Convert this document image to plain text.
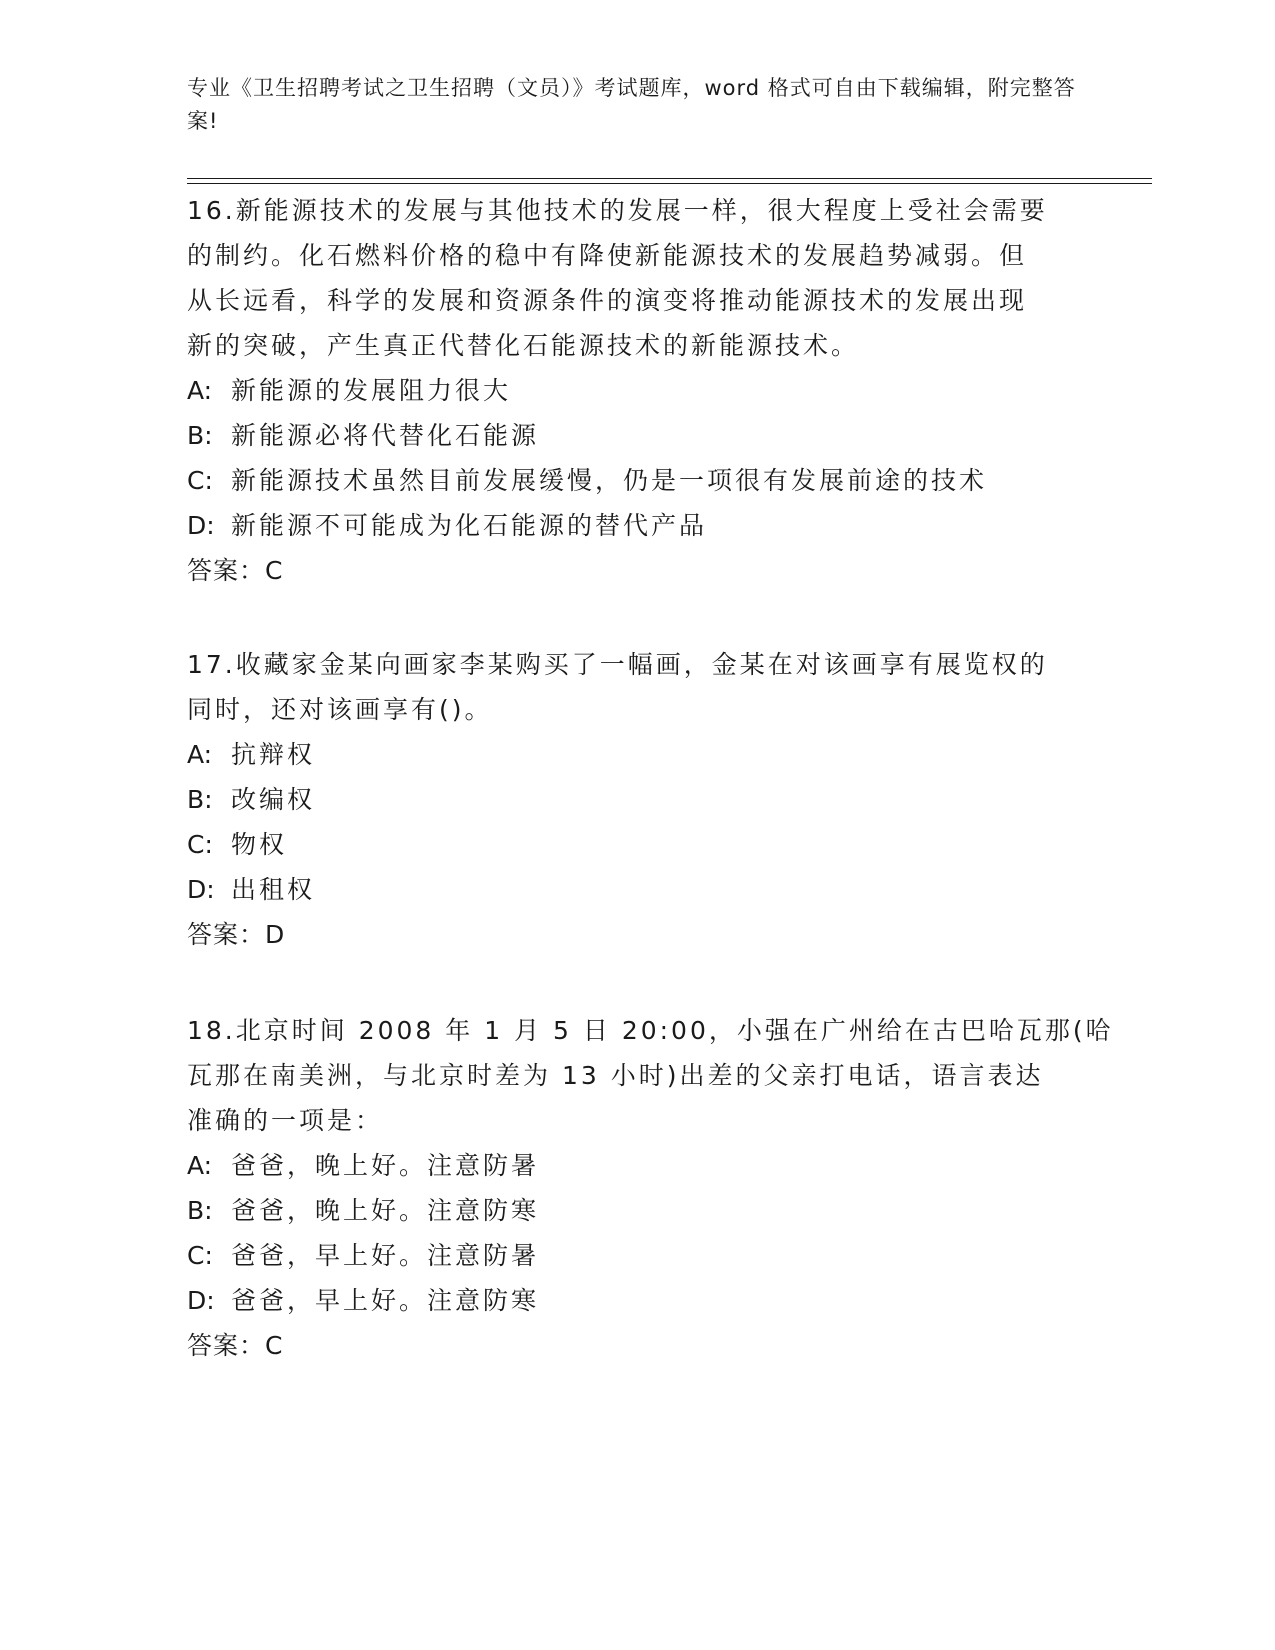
专业《卫生招聘考试之卫生招聘（文员）》考试题库，word 格式可自由下载编辑，附完整答案!
16.新能源技术的发展与其他技术的发展一样，很大程度上受社会需要
的制约。化石燃料价格的稳中有降使新能源技术的发展趋势减弱。但
从长远看，科学的发展和资源条件的演变将推动能源技术的发展出现
新的突破，产生真正代替化石能源技术的新能源技术。
A: 新能源的发展阻力很大
B: 新能源必将代替化石能源
C: 新能源技术虽然目前发展缓慢，仍是一项很有发展前途的技术
D: 新能源不可能成为化石能源的替代产品
答案：C
17.收藏家金某向画家李某购买了一幅画，金某在对该画享有展览权的
同时，还对该画享有()。
A: 抗辩权
B: 改编权
C: 物权
D: 出租权
答案：D
18.北京时间 2008 年 1 月 5 日 20:00，小强在广州给在古巴哈瓦那(哈
瓦那在南美洲，与北京时差为 13 小时)出差的父亲打电话，语言表达
准确的一项是：
A: 爸爸，晚上好。注意防暑
B: 爸爸，晚上好。注意防寒
C: 爸爸，早上好。注意防暑
D: 爸爸，早上好。注意防寒
答案：C
